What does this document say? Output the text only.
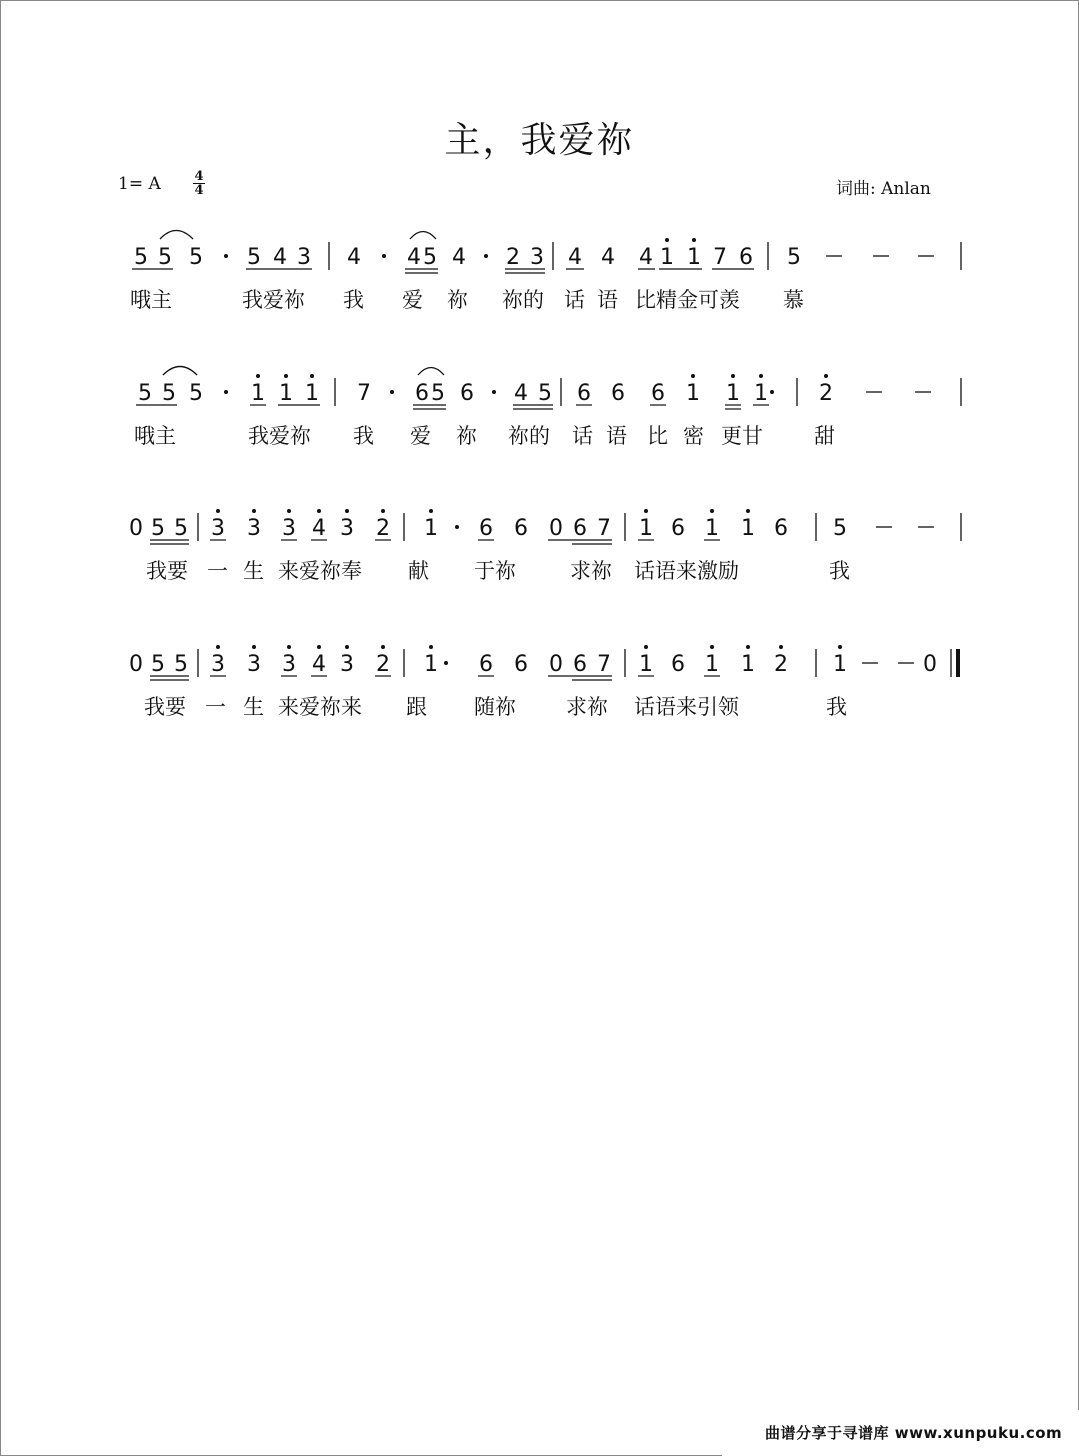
主，我爱祢
1= A	4
4	词曲: Anlan
5 5 5 5 4 3 4 4 5 4 2 3 4 4 4 1 1 7 6 5
5 5 5 1 1 1 7 6 5 6 4 5 6 6 6 1 1 1 2
0 5 5 3 3 3 4 3 2 1 6 6 0 6 7 1 6 1 1 6 5
0 5 5 3 3 3 4 3 2 1 6 6 0 6 7 1 6 1 1 2 1	0
哦主	我爱祢 我 爱 祢 祢的 话 语 比精金可羡 慕
哦主	我爱祢 我 爱 祢 祢的 话 语 比 密 更甘 甜
我要 一 生 来爱祢奉 献 于祢	求祢 话语来激励	我
我要 一 生 来爱祢来 跟 随祢 求祢 话语来引领	我
曲谱分享于寻谱库 www.xunpuku.com
